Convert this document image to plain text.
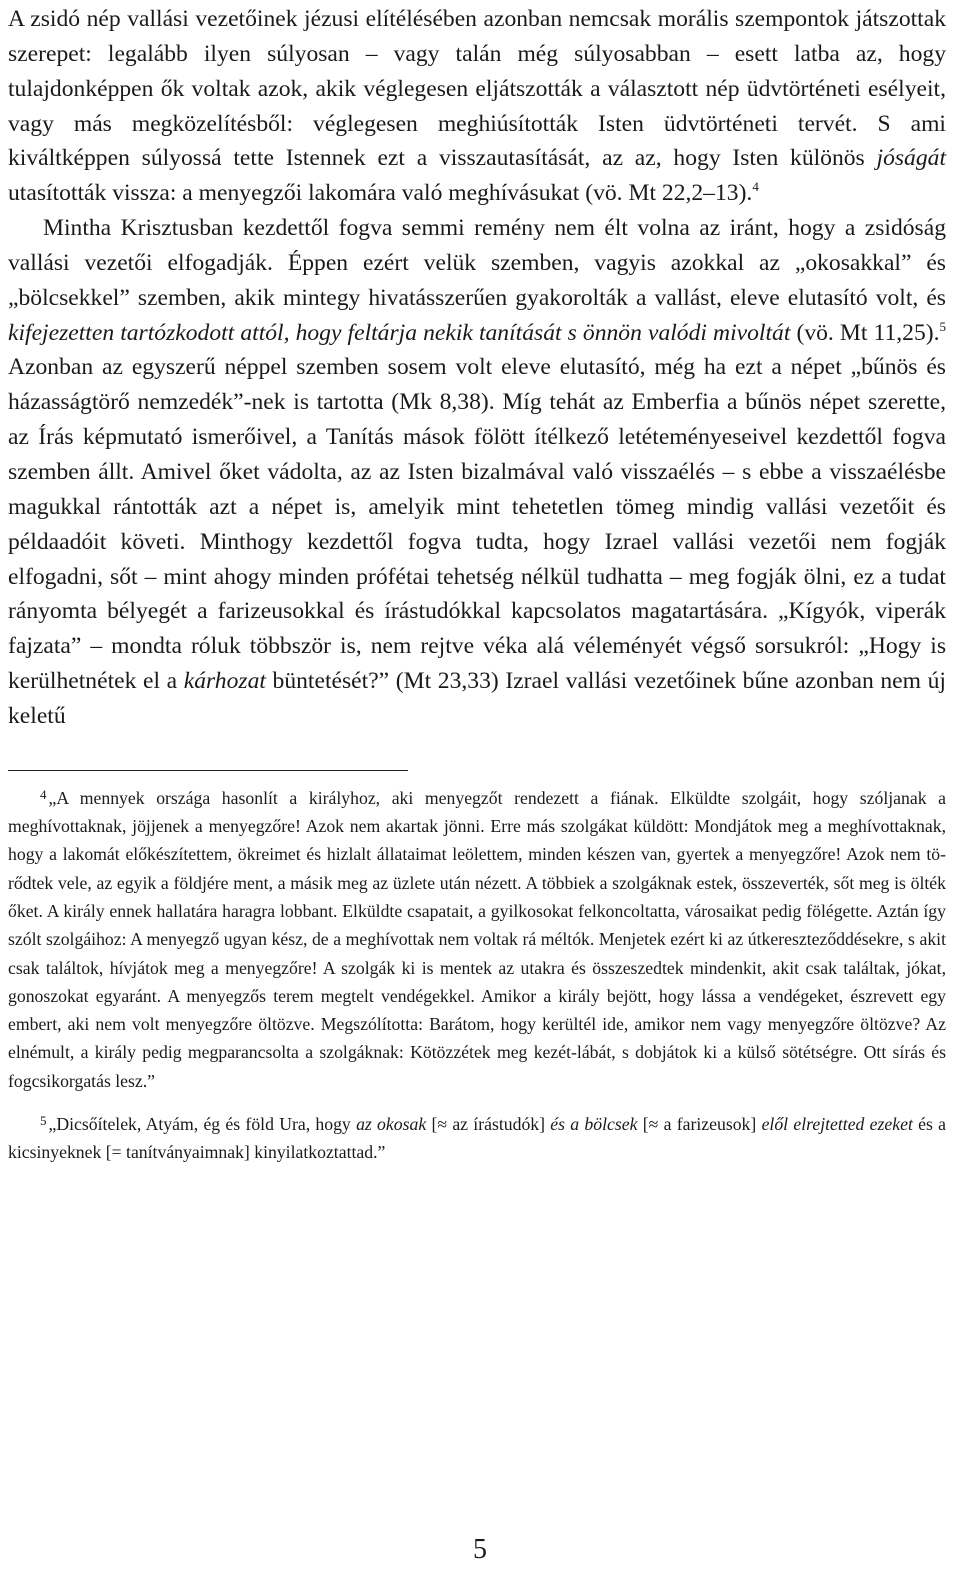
A zsidó nép vallási vezetőinek jézusi elítélésében azonban nemcsak morális szempontok játszottak szerepet: legalább ilyen súlyosan – vagy talán még súlyosabban – esett latba az, hogy tulajdonképpen ők voltak azok, akik véglegesen eljátszották a választott nép üdvtörténeti esélyeit, vagy más megközelítésből: véglegesen meghiúsították Isten üdvtörténeti tervét. S ami kiváltképpen súlyossá tette Istennek ezt a visszautasítását, az az, hogy Isten különös jóságát utasították vissza: a menyegzői lakomára való meghívásukat (vö. Mt 22,2–13).$^4$

Mintha Krisztusban kezdettől fogva semmi remény nem élt volna az iránt, hogy a zsidóság vallási vezetői elfogadják. Éppen ezért velük szemben, vagyis azokkal az „okosakkal” és „bölcsekkel” szemben, akik mintegy hivatásszerűen gyakorolták a vallást, eleve elutasító volt, és kifejezetten tartózkodott attól, hogy feltárja nekik tanítását s önnön valódi mivoltát (vö. Mt 11,25).$^5$ Azonban az egyszerű néppel szemben sosem volt eleve elutasító, még ha ezt a népet „bűnös és házasságtörő nemzedék”-nek is tartotta (Mk 8,38). Míg tehát az Emberfia a bűnös népet szerette, az Írás képmutató ismerőivel, a Tanítás mások fölött ítélkező letéteményeseivel kezdettől fogva szemben állt. Amivel őket vádolta, az az Isten bizalmával való visszaélés – s ebbe a visszaélésbe magukkal rántották azt a népet is, amelyik mint tehetetlen tömeg mindig vallási vezetőit és példaadóit követi. Minthogy kezdettől fogva tudta, hogy Izrael vallási vezetői nem fogják elfogadni, sőt – mint ahogy minden prófétai tehetség nélkül tudhatta – meg fogják ölni, ez a tudat rányomta bélyegét a farizeusokkal és írástudókkal kapcsolatos magatartására. „Kígyók, viperák fajzata” – mondta róluk többször is, nem rejtve véka alá véleményét végső sorsukról: „Hogy is kerülhetnétek el a kárhozat büntetését?” (Mt 23,33) Izrael vallási vezetőinek bűne azonban nem új keletű

$^4$ „A mennyek országa hasonlít a királyhoz, aki menyegzőt rendezett a fiának. Elküldte szolgáit, hogy szóljanak a meghívottaknak, jöjjenek a menyegzőre! Azok nem akartak jönni. Erre más szolgákat küldött: Mondjátok meg a meghívottaknak, hogy a lakomát előkészítettem, ökreimet és hizlalt állataimat leölettem, minden készen van, gyertek a menyegzőre! Azok nem törődtek vele, az egyik a földjére ment, a másik meg az üzlete után nézett. A többiek a szolgáknak estek, összeverték, sőt meg is ölték őket. A király ennek hallatára haragra lobbant. Elküldte csapatait, a gyilkosokat felkoncoltatta, városaikat pedig fölégette. Aztán így szólt szolgáihoz: A menyegző ugyan kész, de a meghívottak nem voltak rá méltók. Menjetek ezért ki az útkereszteződdésekre, s akit csak találtok, hívjátok meg a menyegzőre! A szolgák ki is mentek az utakra és összeszedtek mindenkit, akit csak találtak, jókat, gonoszokat egyaránt. A menyegzős terem megtelt vendégekkel. Amikor a király bejött, hogy lássa a vendégeket, észrevett egy embert, aki nem volt menyegzőre öltözve. Megszólította: Barátom, hogy kerültél ide, amikor nem vagy menyegzőre öltözve? Az elnémult, a király pedig megparancsolta a szolgáknak: Kötözzétek meg kezét-lábát, s dobjátok ki a külső sötétségre. Ott sírás és fogcsikorgatás lesz.”

$^5$ „Dicsőítelek, Atyám, ég és föld Ura, hogy az okosak [≈ az írástudók] és a bölcsek [≈ a farizeusok] elől elrejtetted ezeket és a kicsinyeknek [= tanítványaimnak] kinyilatkoztattad.”

5
